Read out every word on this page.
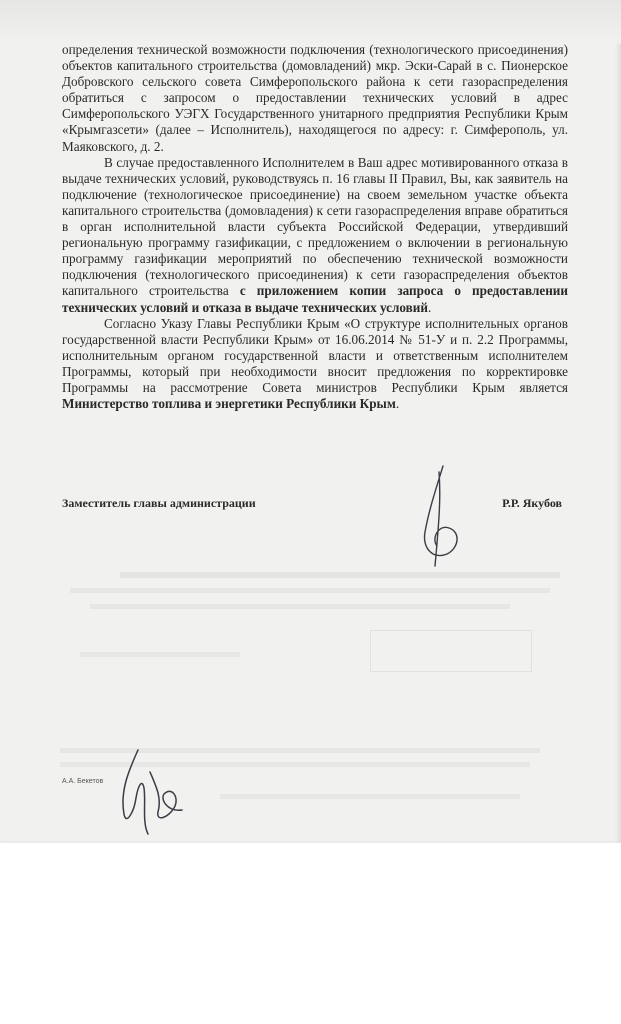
определения технической возможности подключения (технологического присоединения) объектов капитального строительства (домовладений) мкр. Эски-Сарай в с. Пионерское Добровского сельского совета Симферопольского района к сети газораспределения обратиться с запросом о предоставлении технических условий в адрес Симферопольского УЭГХ Государственного унитарного предприятия Республики Крым «Крымгазсети» (далее – Исполнитель), находящегося по адресу: г. Симферополь, ул. Маяковского, д. 2.

В случае предоставленного Исполнителем в Ваш адрес мотивированного отказа в выдаче технических условий, руководствуясь п. 16 главы II Правил, Вы, как заявитель на подключение (технологическое присоединение) на своем земельном участке объекта капитального строительства (домовладения) к сети газораспределения вправе обратиться в орган исполнительной власти субъекта Российской Федерации, утвердивший региональную программу газификации, с предложением о включении в региональную программу газификации мероприятий по обеспечению технической возможности подключения (технологического присоединения) к сети газораспределения объектов капитального строительства с приложением копии запроса о предоставлении технических условий и отказа в выдаче технических условий.

Согласно Указу Главы Республики Крым «О структуре исполнительных органов государственной власти Республики Крым» от 16.06.2014 № 51-У и п. 2.2 Программы, исполнительным органом государственной власти и ответственным исполнителем Программы, который при необходимости вносит предложения по корректировке Программы на рассмотрение Совета министров Республики Крым является Министерство топлива и энергетики Республики Крым.

Заместитель главы администрации	Р.Р. Якубов
А.А. Бекетов
